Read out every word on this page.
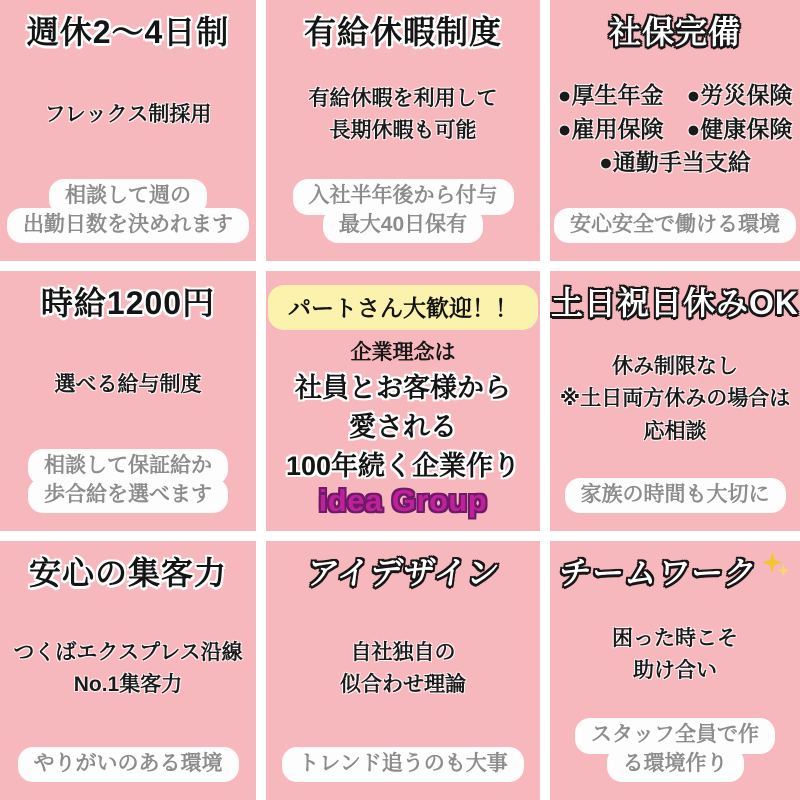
週休2～4日制
フレックス制採用
相談して週の
出勤日数を決めれます
有給休暇制度
有給休暇を利用して
長期休暇も可能
入社半年後から付与
最大40日保有
社保完備
●厚生年金　●労災保険
●雇用保険　●健康保険
●通勤手当支給
安心安全で働ける環境
時給1200円
選べる給与制度
相談して保証給か
歩合給を選べます
パートさん大歓迎！！
企業理念は
社員とお客様から
愛される
100年続く企業作り
idea Group
土日祝日休みOK
休み制限なし
※土日両方休みの場合は
応相談
家族の時間も大切に
安心の集客力
つくばエクスプレス沿線
No.1集客力
やりがいのある環境
アイデザイン
自社独自の
似合わせ理論
トレンド追うのも大事
チームワーク
困った時こそ
助け合い
スタッフ全員で作
る環境作り
